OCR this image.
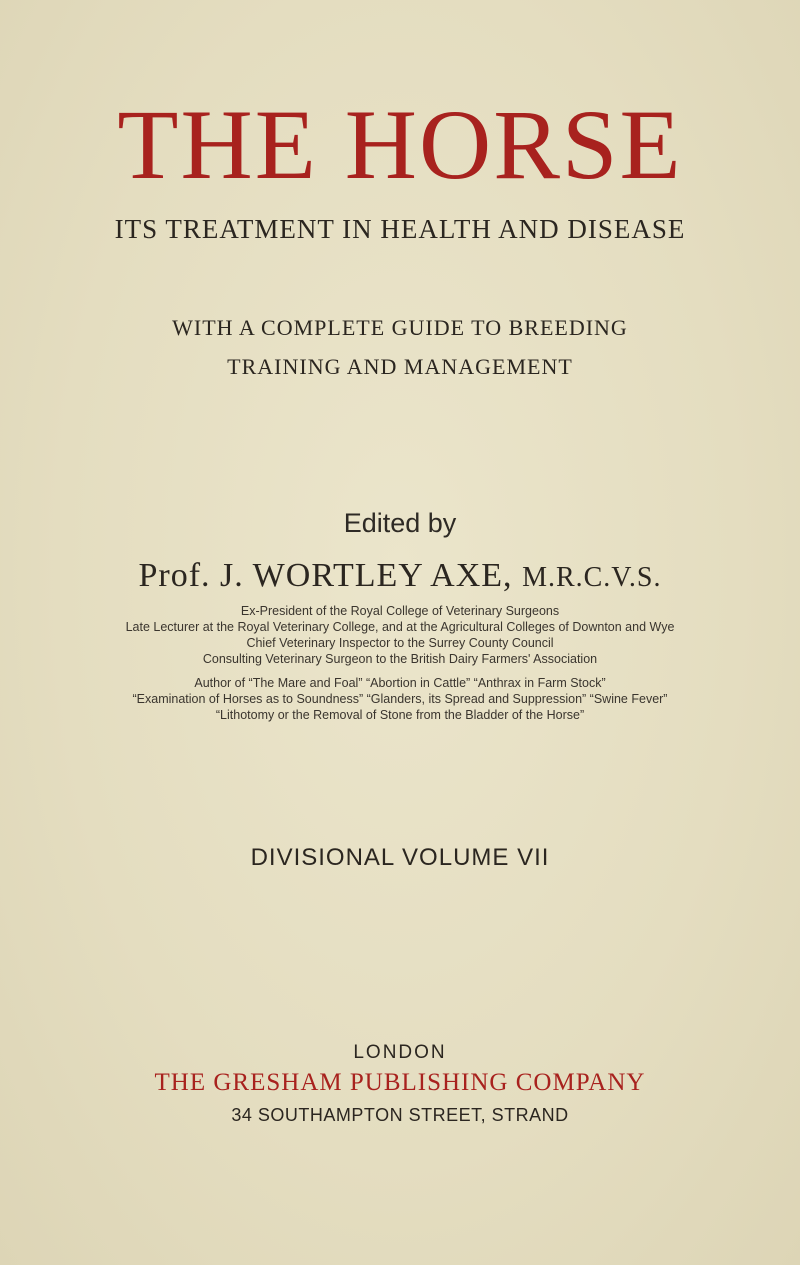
THE HORSE
ITS TREATMENT IN HEALTH AND DISEASE
WITH A COMPLETE GUIDE TO BREEDING
TRAINING AND MANAGEMENT
Edited by
Prof. J. WORTLEY AXE, M.R.C.V.S.
Ex-President of the Royal College of Veterinary Surgeons
Late Lecturer at the Royal Veterinary College, and at the Agricultural Colleges of Downton and Wye
Chief Veterinary Inspector to the Surrey County Council
Consulting Veterinary Surgeon to the British Dairy Farmers' Association
Author of “The Mare and Foal” “Abortion in Cattle” “Anthrax in Farm Stock”
“Examination of Horses as to Soundness” “Glanders, its Spread and Suppression” “Swine Fever”
“Lithotomy or the Removal of Stone from the Bladder of the Horse”
DIVISIONAL VOLUME VII
LONDON
THE GRESHAM PUBLISHING COMPANY
34 SOUTHAMPTON STREET, STRAND
